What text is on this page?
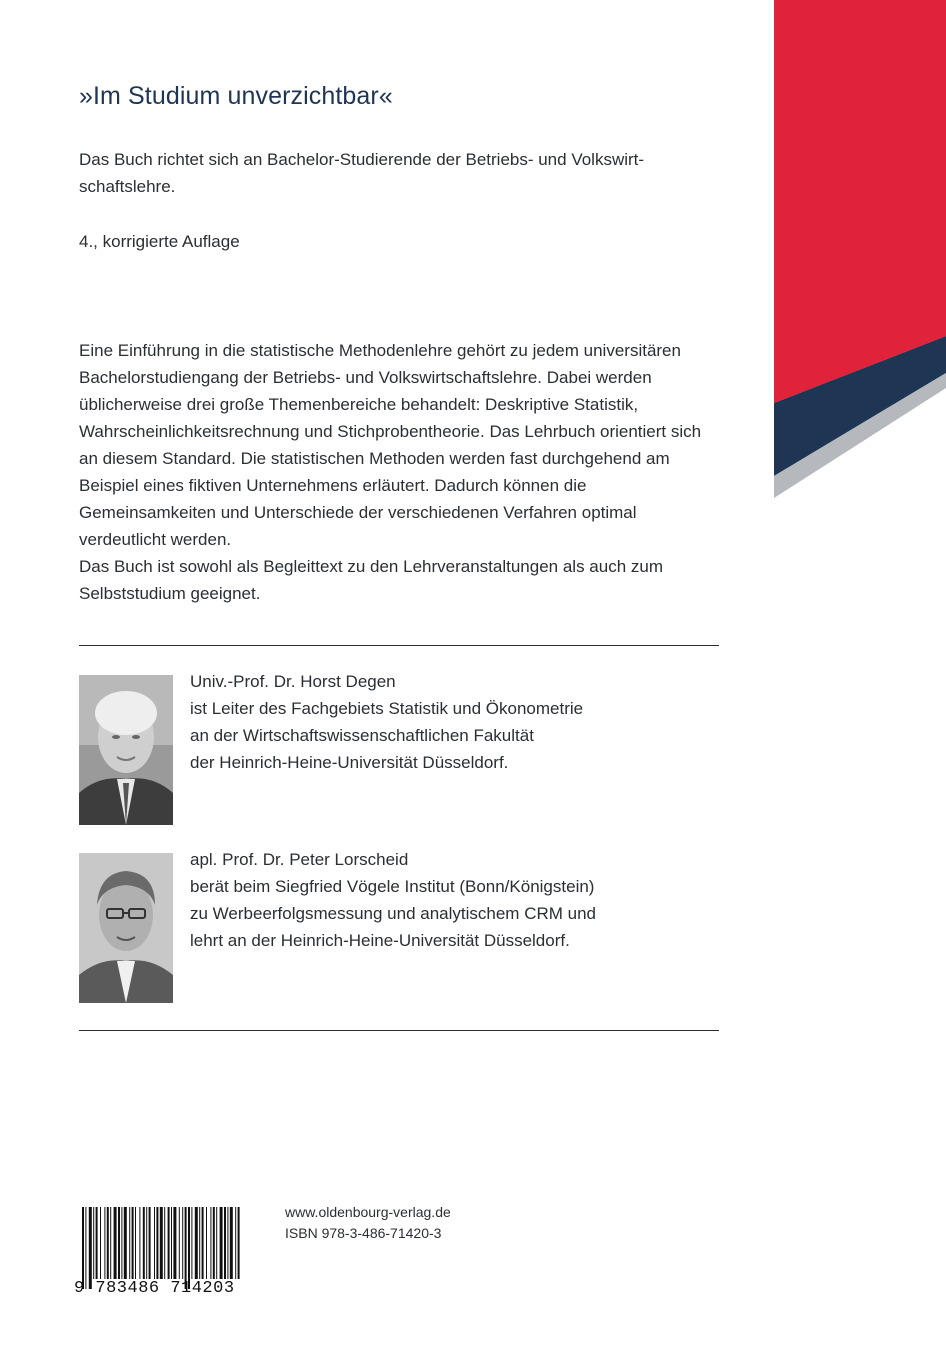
»Im Studium unverzichtbar«

Das Buch richtet sich an Bachelor-Studierende der Betriebs- und Volkswirtschaftslehre.

4., korrigierte Auflage

Eine Einführung in die statistische Methodenlehre gehört zu jedem universitären Bachelorstudiengang der Betriebs- und Volkswirtschaftslehre. Dabei werden üblicherweise drei große Themenbereiche behandelt: Deskriptive Statistik, Wahrscheinlichkeitsrechnung und Stichprobentheorie. Das Lehrbuch orientiert sich an diesem Standard. Die statistischen Methoden werden fast durchgehend am Beispiel eines fiktiven Unternehmens erläutert. Dadurch können die Gemeinsamkeiten und Unterschiede der verschiedenen Verfahren optimal verdeutlicht werden.
Das Buch ist sowohl als Begleittext zu den Lehrveranstaltungen als auch zum Selbststudium geeignet.

Univ.-Prof. Dr. Horst Degen
ist Leiter des Fachgebiets Statistik und Ökonometrie
an der Wirtschaftswissenschaftlichen Fakultät
der Heinrich-Heine-Universität Düsseldorf.

apl. Prof. Dr. Peter Lorscheid
berät beim Siegfried Vögele Institut (Bonn/Königstein)
zu Werbeerfolgsmessung und analytischem CRM und
lehrt an der Heinrich-Heine-Universität Düsseldorf.

9 783486 714203

www.oldenbourg-verlag.de
ISBN 978-3-486-71420-3
